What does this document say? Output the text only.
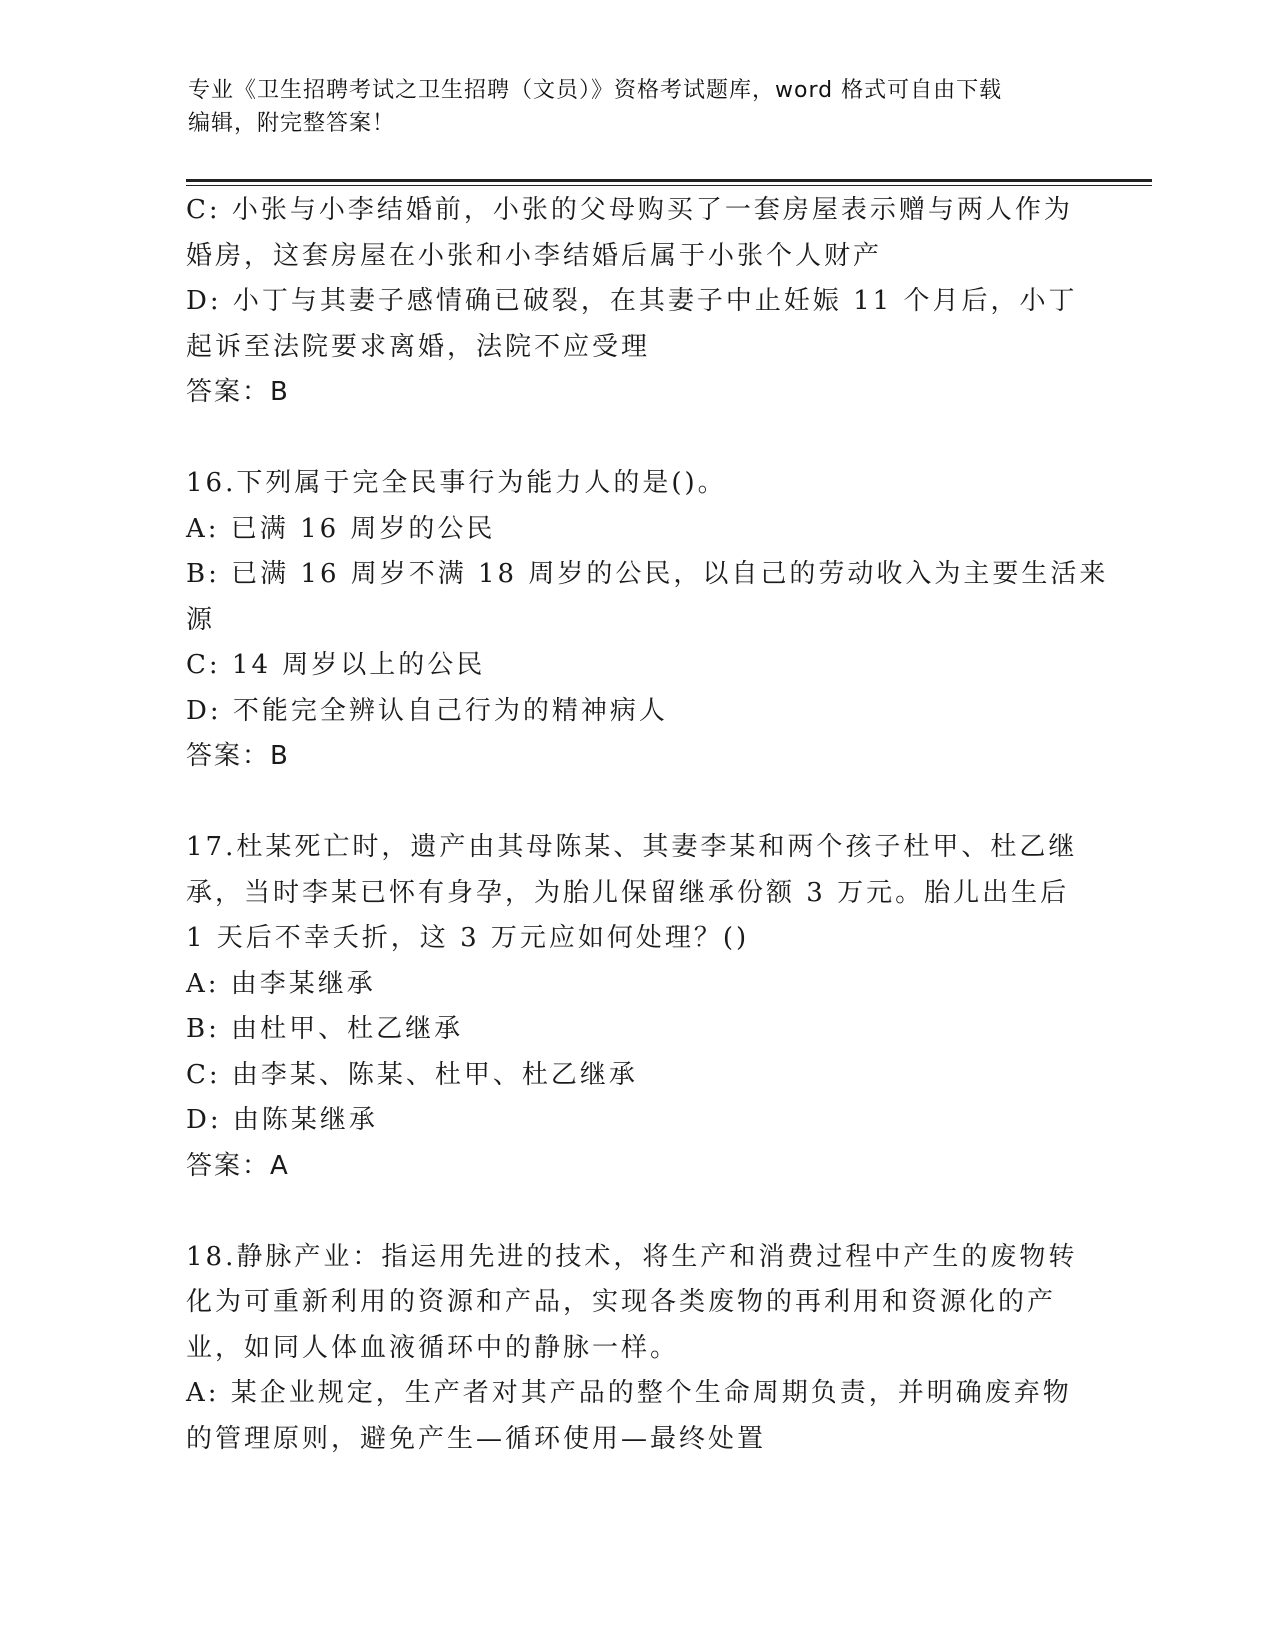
专业《卫生招聘考试之卫生招聘（文员）》资格考试题库，word 格式可自由下载
编辑，附完整答案！
C: 小张与小李结婚前，小张的父母购买了一套房屋表示赠与两人作为
婚房，这套房屋在小张和小李结婚后属于小张个人财产
D: 小丁与其妻子感情确已破裂，在其妻子中止妊娠 11 个月后，小丁
起诉至法院要求离婚，法院不应受理
答案：B
16.下列属于完全民事行为能力人的是()。
A: 已满 16 周岁的公民
B: 已满 16 周岁不满 18 周岁的公民，以自己的劳动收入为主要生活来
源
C: 14 周岁以上的公民
D: 不能完全辨认自己行为的精神病人
答案：B
17.杜某死亡时，遗产由其母陈某、其妻李某和两个孩子杜甲、杜乙继
承，当时李某已怀有身孕，为胎儿保留继承份额 3 万元。胎儿出生后
1 天后不幸夭折，这 3 万元应如何处理？()
A: 由李某继承
B: 由杜甲、杜乙继承
C: 由李某、陈某、杜甲、杜乙继承
D: 由陈某继承
答案：A
18.静脉产业：指运用先进的技术，将生产和消费过程中产生的废物转
化为可重新利用的资源和产品，实现各类废物的再利用和资源化的产
业，如同人体血液循环中的静脉一样。
A: 某企业规定，生产者对其产品的整个生命周期负责，并明确废弃物
的管理原则，避免产生—循环使用—最终处置
